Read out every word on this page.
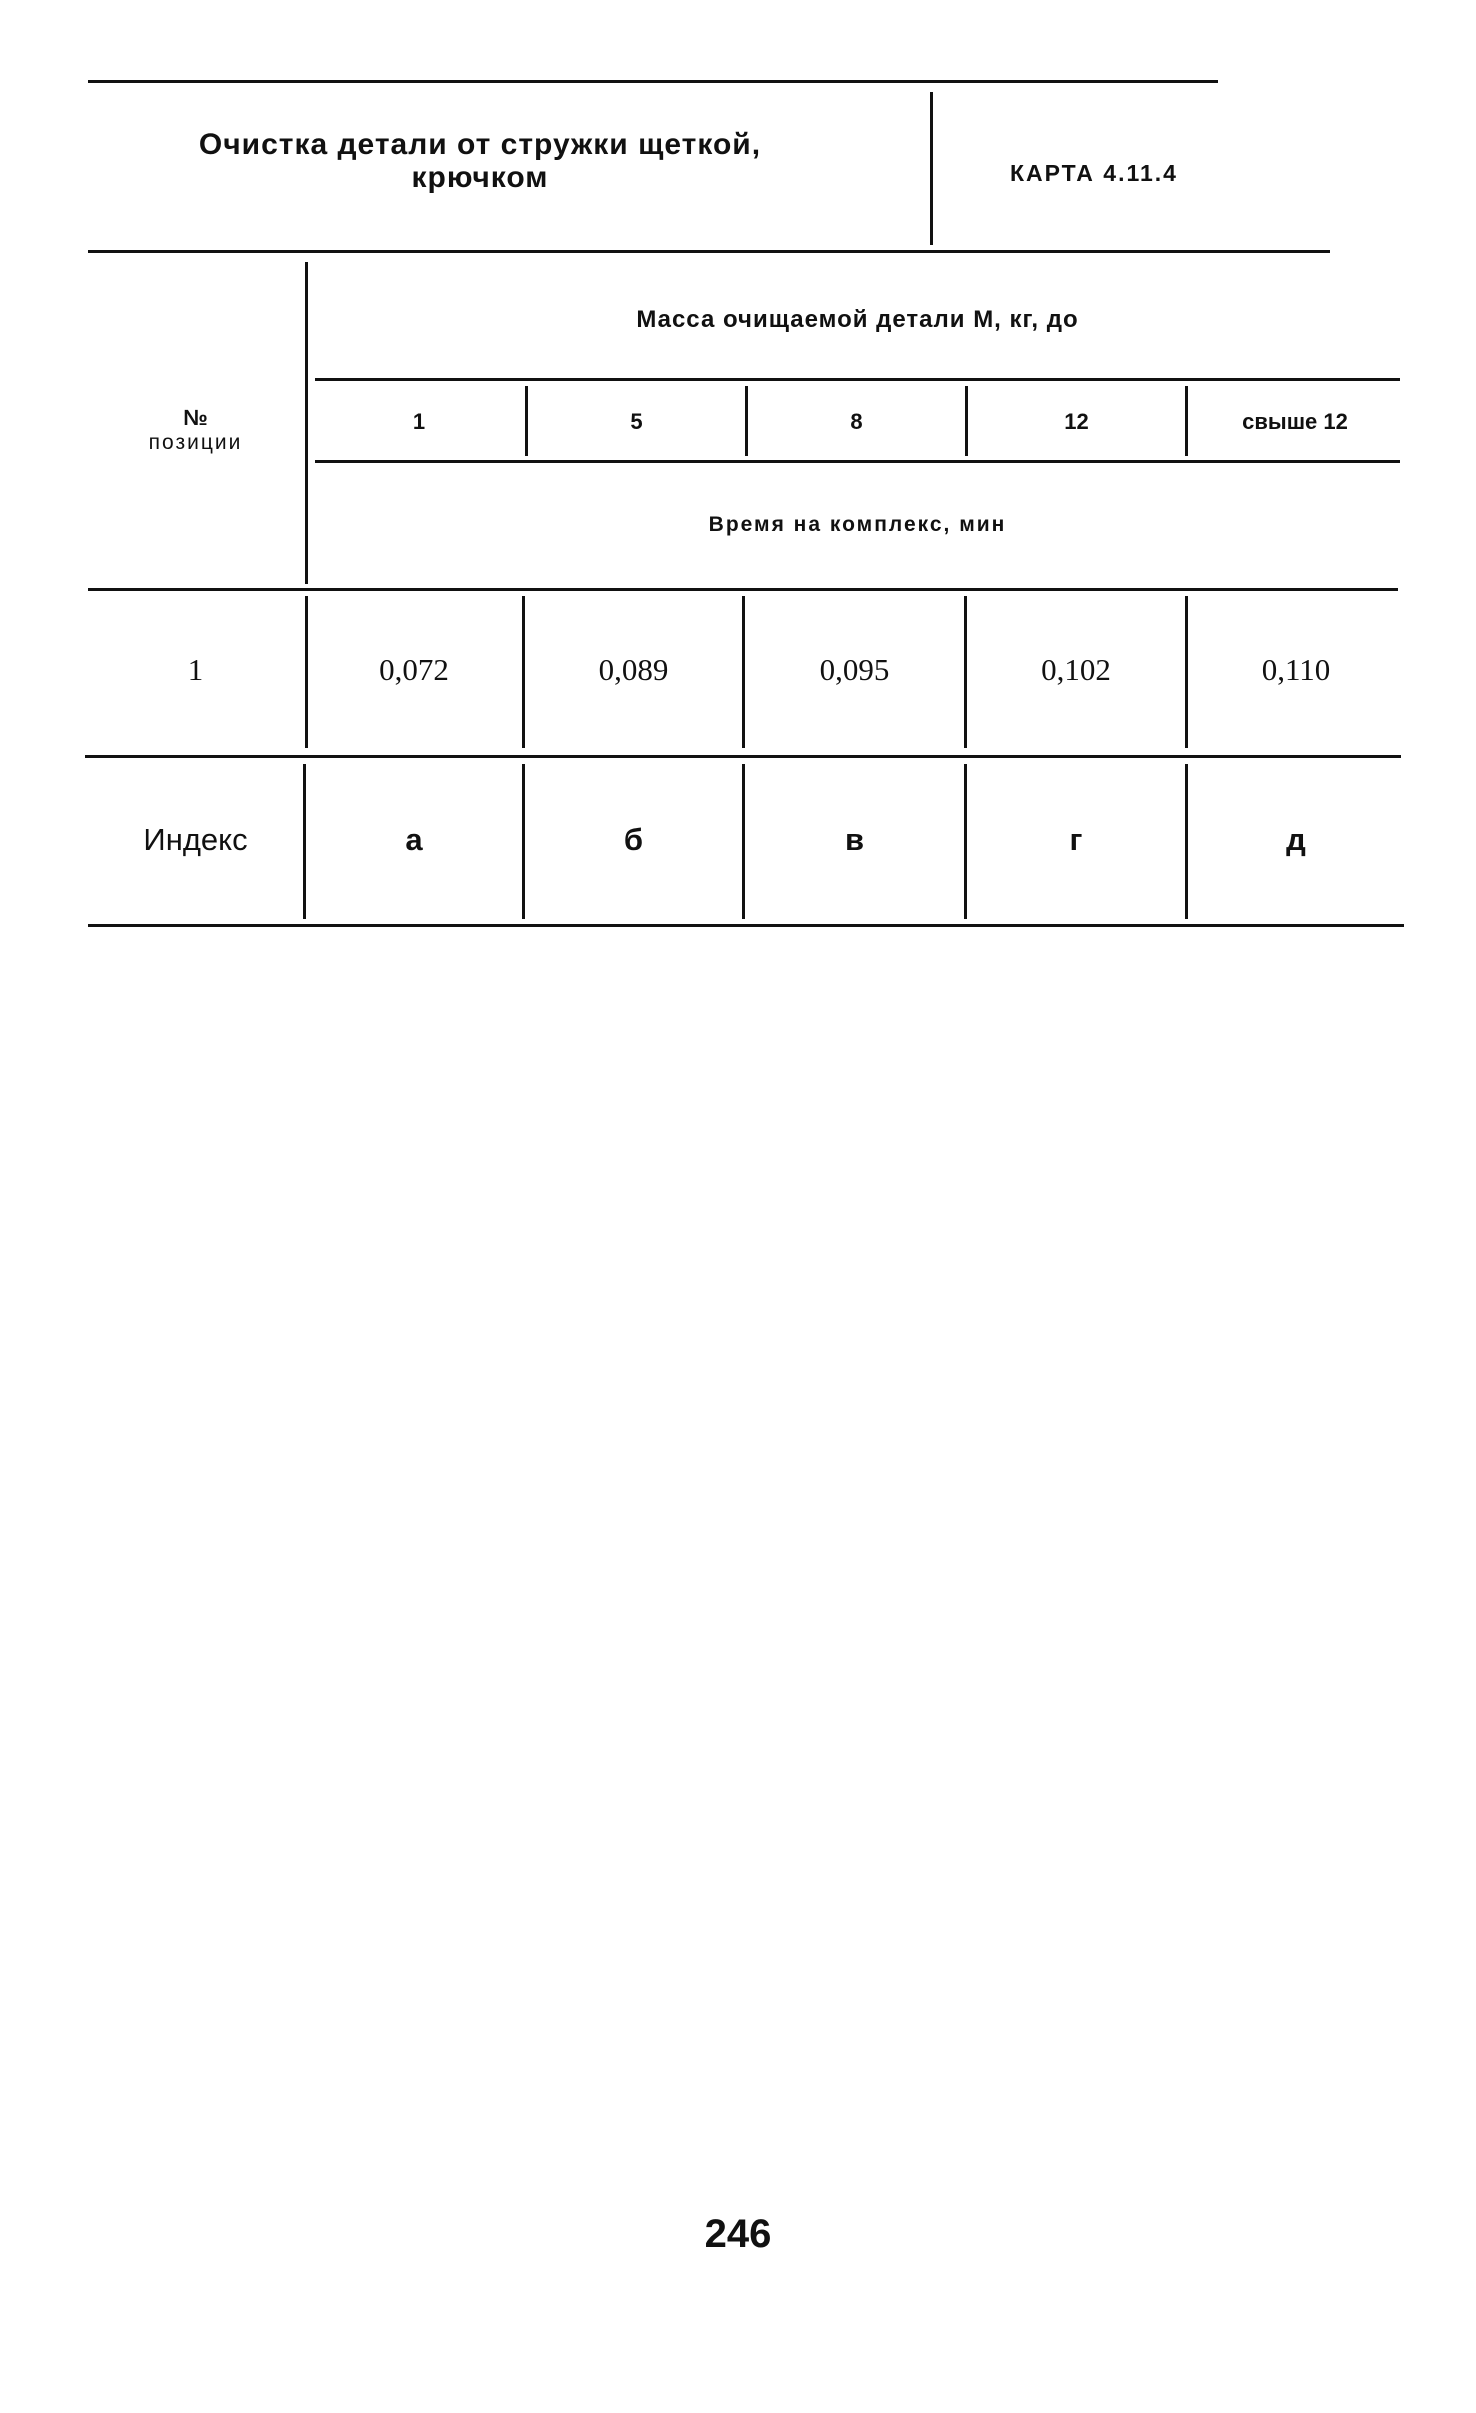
Очистка детали от стружки щеткой,
крючком	КАРТА 4.11.4
№
позиции
Масса очищаемой детали М, кг, до
1	5	8	12	свыше 12
Время на комплекс, мин
1	0,072	0,089	0,095	0,102	0,110
Индекс	а	б	в	г	д
246
